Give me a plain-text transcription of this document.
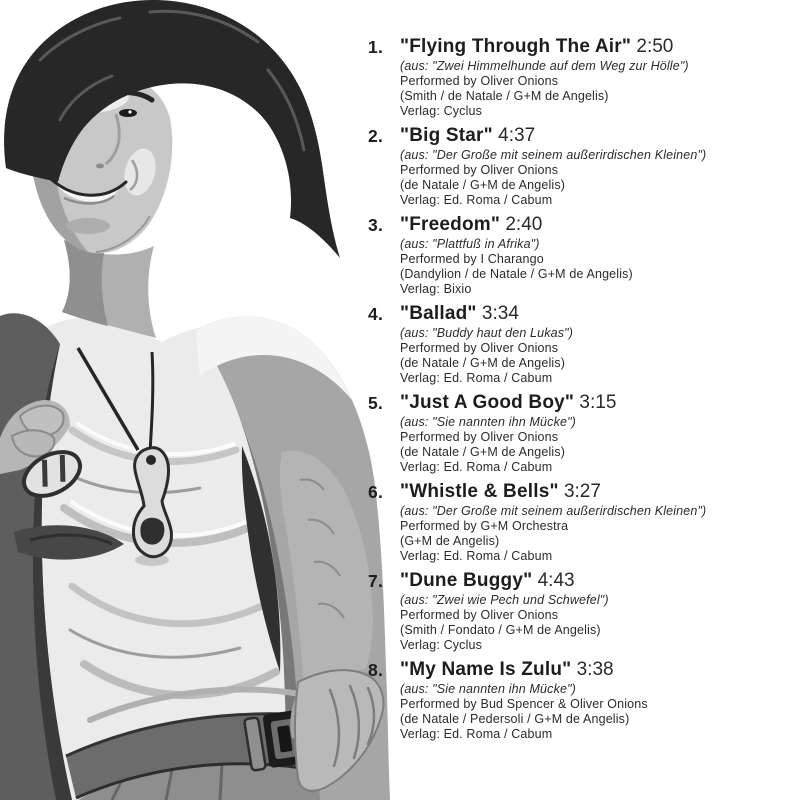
1. "Flying Through The Air" 2:50
(aus: "Zwei Himmelhunde auf dem Weg zur Hölle")
Performed by Oliver Onions
(Smith / de Natale / G+M de Angelis)
Verlag: Cyclus
2. "Big Star" 4:37
(aus: "Der Große mit seinem außerirdischen Kleinen")
Performed by Oliver Onions
(de Natale / G+M de Angelis)
Verlag: Ed. Roma / Cabum
3. "Freedom" 2:40
(aus: "Plattfuß in Afrika")
Performed by I Charango
(Dandylion / de Natale / G+M de Angelis)
Verlag: Bixio
4. "Ballad" 3:34
(aus: "Buddy haut den Lukas")
Performed by Oliver Onions
(de Natale / G+M de Angelis)
Verlag: Ed. Roma / Cabum
5. "Just A Good Boy" 3:15
(aus: "Sie nannten ihn Mücke")
Performed by Oliver Onions
(de Natale / G+M de Angelis)
Verlag: Ed. Roma / Cabum
6. "Whistle & Bells" 3:27
(aus: "Der Große mit seinem außerirdischen Kleinen")
Performed by G+M Orchestra
(G+M de Angelis)
Verlag: Ed. Roma / Cabum
7. "Dune Buggy" 4:43
(aus: "Zwei wie Pech und Schwefel")
Performed by Oliver Onions
(Smith / Fondato / G+M de Angelis)
Verlag: Cyclus
8. "My Name Is Zulu" 3:38
(aus: "Sie nannten ihn Mücke")
Performed by Bud Spencer & Oliver Onions
(de Natale / Pedersoli / G+M de Angelis)
Verlag: Ed. Roma / Cabum
